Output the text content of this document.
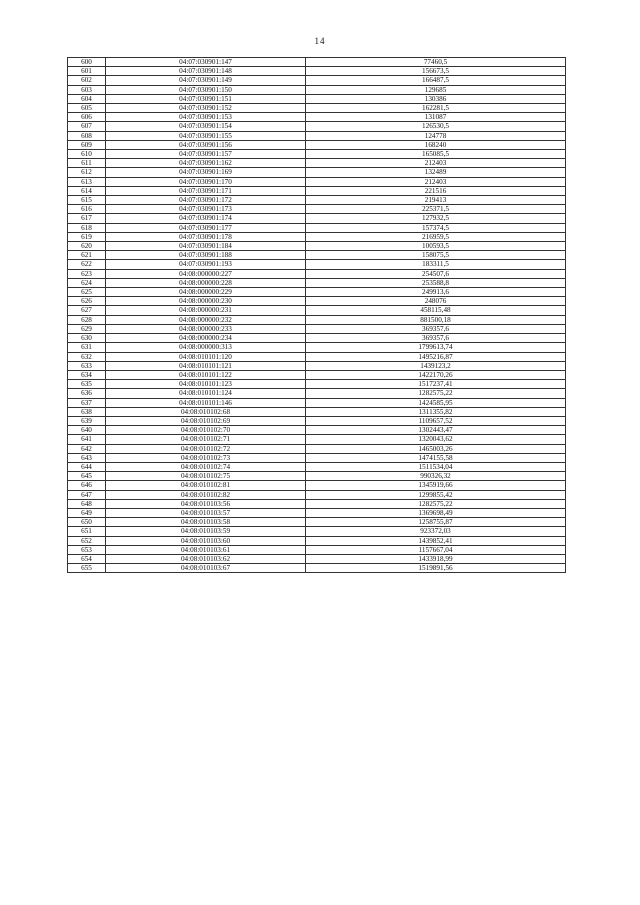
14
600	04:07:030901:147	77460,5
601	04:07:030901:148	156673,5
602	04:07:030901:149	166487,5
603	04:07:030901:150	129685
604	04:07:030901:151	130386
605	04:07:030901:152	162281,5
606	04:07:030901:153	131087
607	04:07:030901:154	126530,5
608	04:07:030901:155	124778
609	04:07:030901:156	168240
610	04:07:030901:157	165085,5
611	04:07:030901:162	212403
612	04:07:030901:169	132489
613	04:07:030901:170	212403
614	04:07:030901:171	221516
615	04:07:030901:172	219413
616	04:07:030901:173	225371,5
617	04:07:030901:174	127932,5
618	04:07:030901:177	157374,5
619	04:07:030901:178	216959,5
620	04:07:030901:184	100593,5
621	04:07:030901:188	158075,5
622	04:07:030901:193	183311,5
623	04:08:000000:227	254507,6
624	04:08:000000:228	253588,8
625	04:08:000000:229	249913,6
626	04:08:000000:230	248076
627	04:08:000000:231	458115,48
628	04:08:000000:232	881500,18
629	04:08:000000:233	369357,6
630	04:08:000000:234	369357,6
631	04:08:000000:313	1799613,74
632	04:08:010101:120	1495216,87
633	04:08:010101:121	1439123,2
634	04:08:010101:122	1422170,26
635	04:08:010101:123	1517237,41
636	04:08:010101:124	1282575,22
637	04:08:010101:146	1424585,95
638	04:08:010102:68	1311355,82
639	04:08:010102:69	1109657,52
640	04:08:010102:70	1302443,47
641	04:08:010102:71	1320043,62
642	04:08:010102:72	1465003,26
643	04:08:010102:73	1474155,58
644	04:08:010102:74	1511534,04
645	04:08:010102:75	990326,32
646	04:08:010102:81	1345919,66
647	04:08:010102:82	1299855,42
648	04:08:010103:56	1282575,22
649	04:08:010103:57	1369698,49
650	04:08:010103:58	1258755,87
651	04:08:010103:59	923372,03
652	04:08:010103:60	1439852,41
653	04:08:010103:61	1157667,04
654	04:08:010103:62	1433918,99
655	04:08:010103:67	1519891,56
